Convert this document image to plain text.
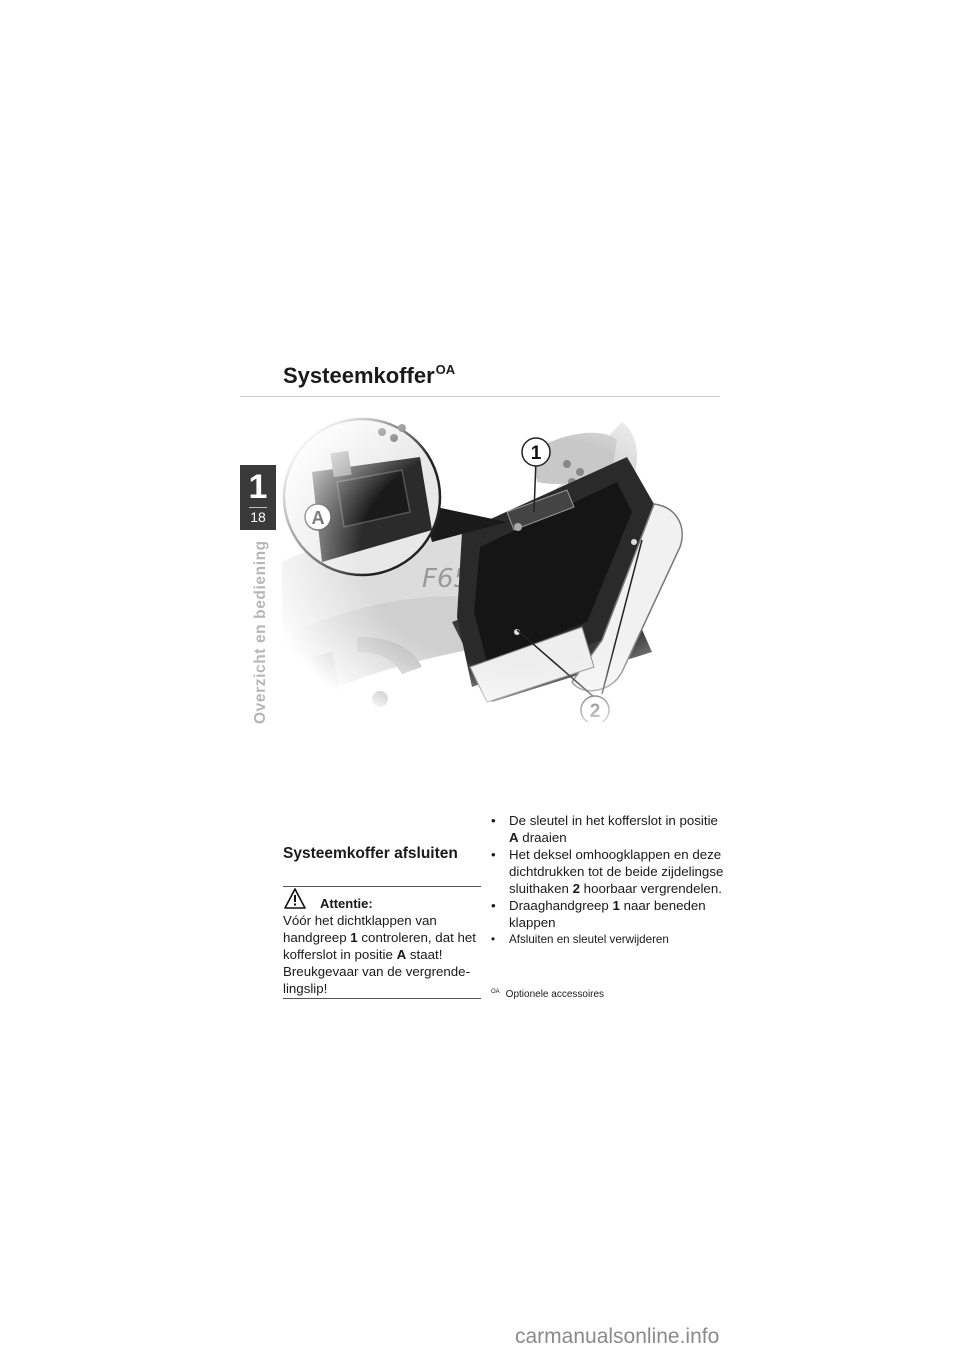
1
18
Overzicht en bediening
Systeemkoffer$^{OA}$
Systeemkoffer afsluiten
Attentie:
Vóór het dichtklappen van handgreep 1 controleren, dat het kofferslot in positie A staat! Breukgevaar van de vergrende-lingslip!
• De sleutel in het kofferslot in positie A draaien
• Het deksel omhoogklappen en deze dichtdrukken tot de beide zijdelingse sluithaken 2 hoorbaar vergrendelen.
• Draaghandgreep 1 naar beneden klappen
• Afsluiten en sleutel verwijderen
$^{OA}$ Optionele accessoires
carmanualsonline.info
